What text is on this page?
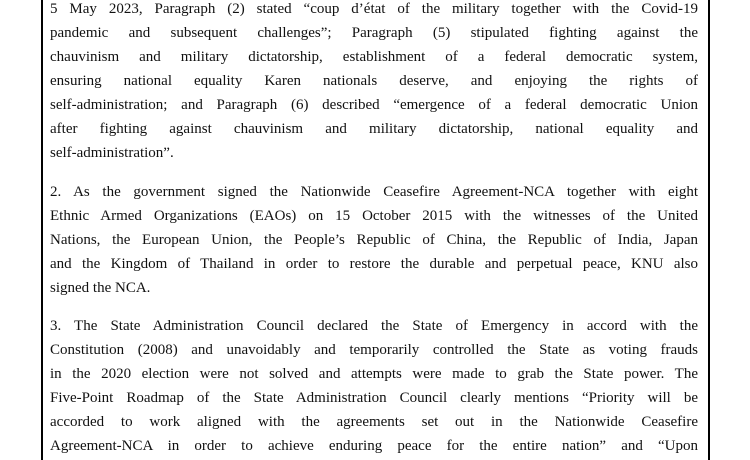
5 May 2023, Paragraph (2) stated “coup d’état of the military together with the Covid-19
pandemic and subsequent challenges”; Paragraph (5) stipulated fighting against the
chauvinism and military dictatorship, establishment of a federal democratic system,
ensuring national equality Karen nationals deserve, and enjoying the rights of
self-administration; and Paragraph (6) described “emergence of a federal democratic Union
after fighting against chauvinism and military dictatorship, national equality and
self-administration”.
2. As the government signed the Nationwide Ceasefire Agreement-NCA together with eight
Ethnic Armed Organizations (EAOs) on 15 October 2015 with the witnesses of the United
Nations, the European Union, the People’s Republic of China, the Republic of India, Japan
and the Kingdom of Thailand in order to restore the durable and perpetual peace, KNU also
signed the NCA.
3. The State Administration Council declared the State of Emergency in accord with the
Constitution (2008) and unavoidably and temporarily controlled the State as voting frauds
in the 2020 election were not solved and attempts were made to grab the State power. The
Five-Point Roadmap of the State Administration Council clearly mentions “Priority will be
accorded to work aligned with the agreements set out in the Nationwide Ceasefire
Agreement-NCA in order to achieve enduring peace for the entire nation” and “Upon
